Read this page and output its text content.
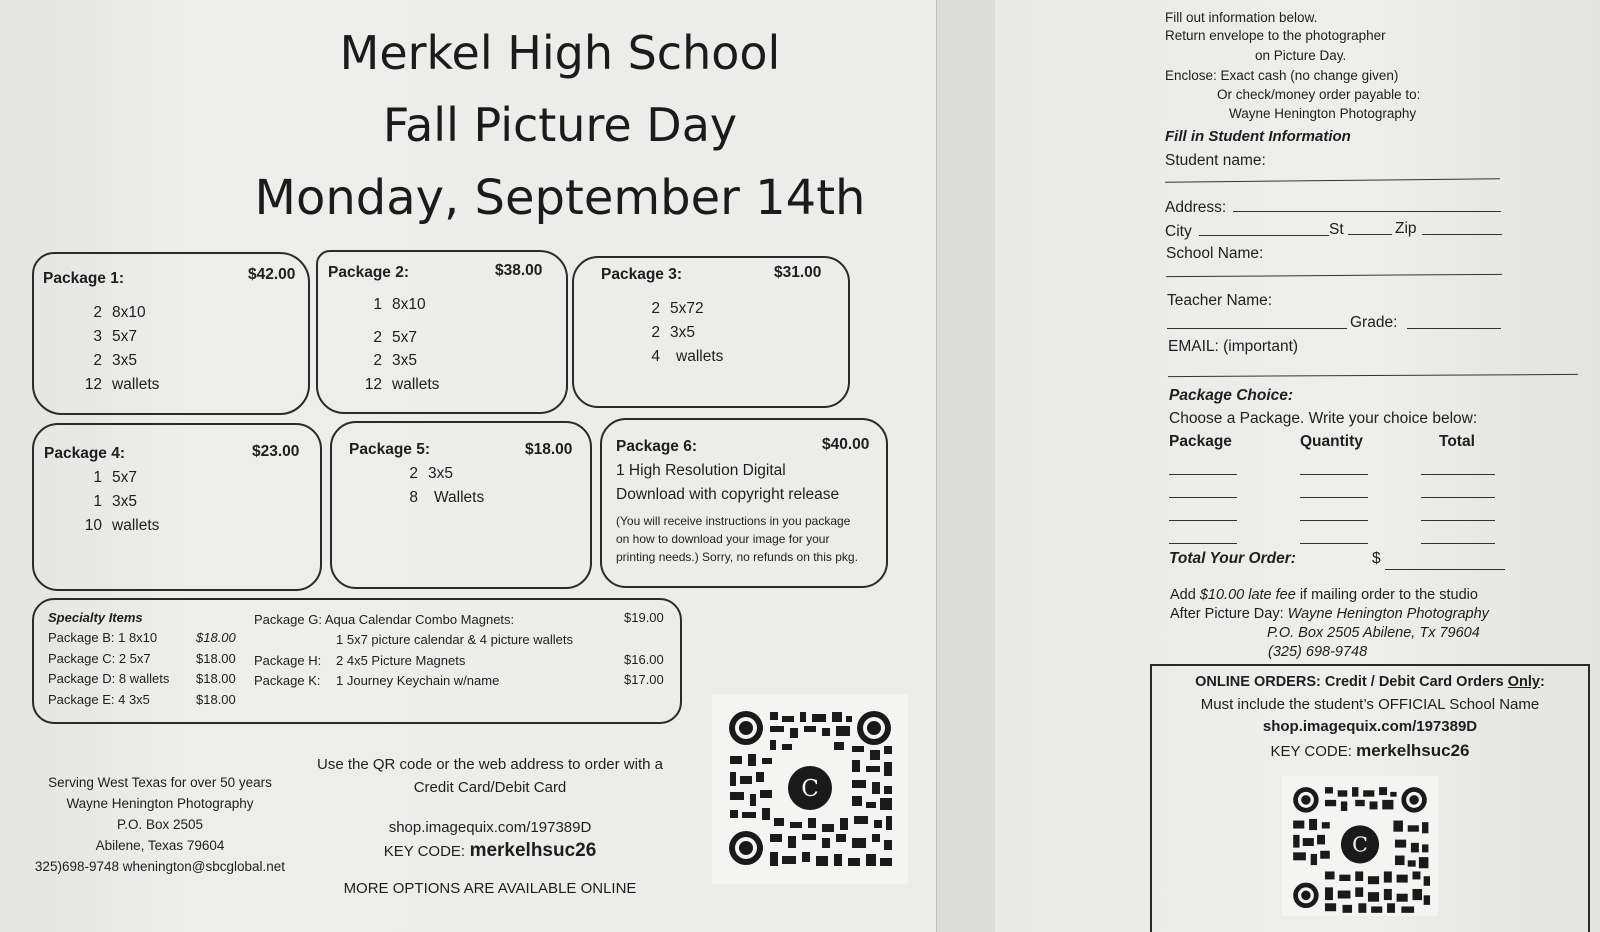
Merkel High School
Fall Picture Day
Monday, September 14th
Package 1:	$42.00
2 8x10
3 5x7
2 3x5
12 wallets
Package 2:	$38.00
1 8x10
2 5x7
2 3x5
12 wallets
Package 3:	$31.00
2 5x72
2 3x5
4 wallets
Package 4:	$23.00
1 5x7
1 3x5
10 wallets
Package 5:	$18.00
2 3x5
8 Wallets
Package 6:	$40.00
1 High Resolution Digital
Download with copyright release
(You will receive instructions in you package
on how to download your image for your
printing needs.) Sorry, no refunds on this pkg.
Specialty Items
Package B: 1 8x10	$18.00
Package C: 2 5x7	$18.00
Package D: 8 wallets $18.00
Package E: 4 3x5	$18.00
Package G: Aqua Calendar Combo Magnets:	$19.00
1 5x7 picture calendar & 4 picture wallets
Package H: 2 4x5 Picture Magnets	$16.00
Package K: 1 Journey Keychain w/name	$17.00
Serving West Texas for over 50 years
Wayne Henington Photography
P.O. Box 2505
Abilene, Texas 79604
325)698-9748 whenington@sbcglobal.net
Use the QR code or the web address to order with a
Credit Card/Debit Card
shop.imagequix.com/197389D
KEY CODE: merkelhsuc26
MORE OPTIONS ARE AVAILABLE ONLINE
C
Fill out information below.
Return envelope to the photographer
on Picture Day.
Enclose: Exact cash (no change given)
Or check/money order payable to:
Wayne Henington Photography
Fill in Student Information
Student name:
Address:
City	St	Zip
School Name:
Teacher Name:
Grade:
EMAIL: (important)
Package Choice:
Choose a Package. Write your choice below:
Package	Quantity	Total
Total Your Order:	$
Add $10.00 late fee if mailing order to the studio
After Picture Day: Wayne Henington Photography
P.O. Box 2505 Abilene, Tx 79604
(325) 698-9748
ONLINE ORDERS: Credit / Debit Card Orders Only:
Must include the student’s OFFICIAL School Name
shop.imagequix.com/197389D
KEY CODE: merkelhsuc26
C
